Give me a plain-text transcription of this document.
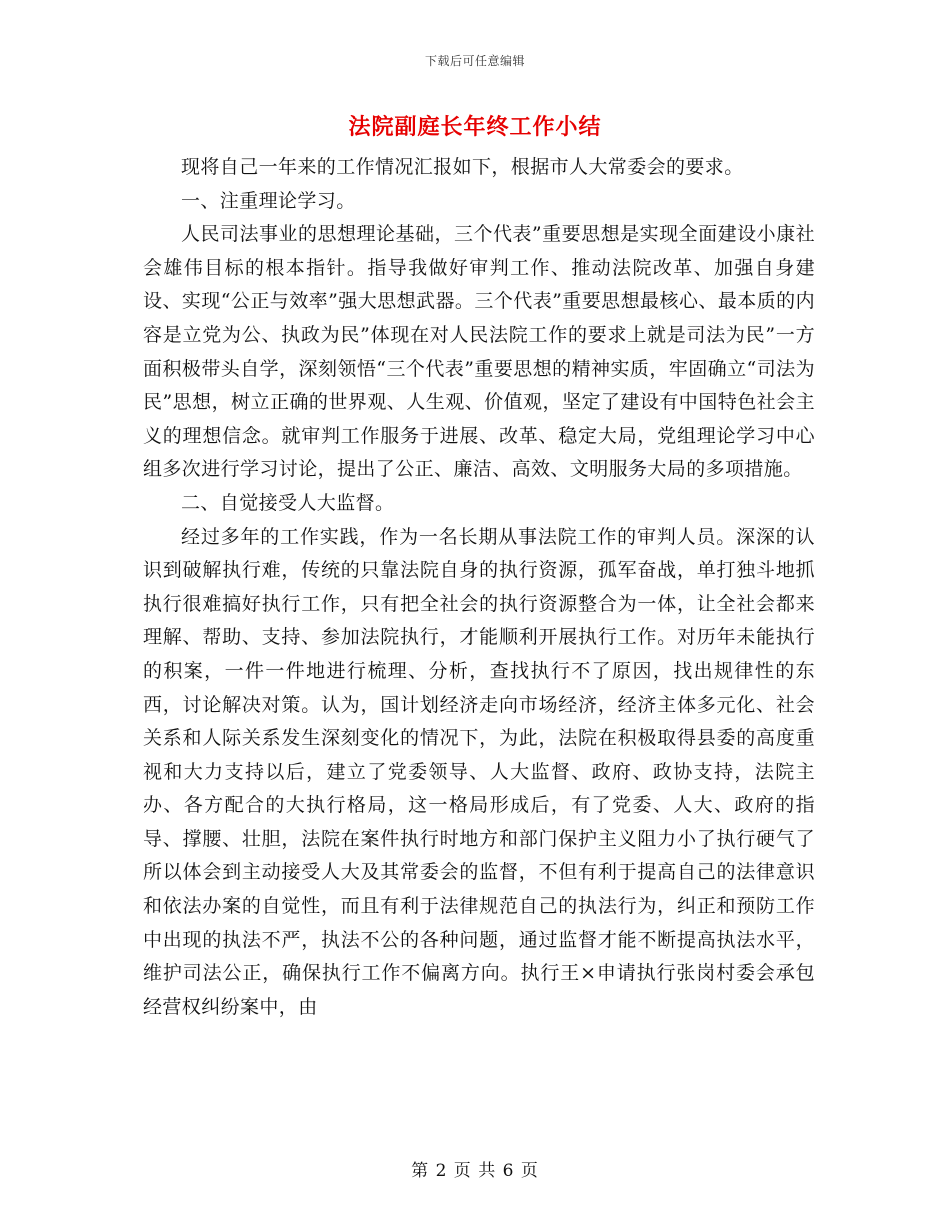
下载后可任意编辑
法院副庭长年终工作小结

现将自己一年来的工作情况汇报如下，根据市人大常委会的要求。

一、注重理论学习。

人民司法事业的思想理论基础，三个代表”重要思想是实现全面建设小康社会雄伟目标的根本指针。指导我做好审判工作、推动法院改革、加强自身建设、实现“公正与效率”强大思想武器。三个代表”重要思想最核心、最本质的内容是立党为公、执政为民”体现在对人民法院工作的要求上就是司法为民”一方面积极带头自学，深刻领悟“三个代表”重要思想的精神实质，牢固确立“司法为民”思想，树立正确的世界观、人生观、价值观，坚定了建设有中国特色社会主义的理想信念。就审判工作服务于进展、改革、稳定大局，党组理论学习中心组多次进行学习讨论，提出了公正、廉洁、高效、文明服务大局的多项措施。

二、自觉接受人大监督。

经过多年的工作实践，作为一名长期从事法院工作的审判人员。深深的认识到破解执行难，传统的只靠法院自身的执行资源，孤军奋战，单打独斗地抓执行很难搞好执行工作，只有把全社会的执行资源整合为一体，让全社会都来理解、帮助、支持、参加法院执行，才能顺利开展执行工作。对历年未能执行的积案，一件一件地进行梳理、分析，查找执行不了原因，找出规律性的东西，讨论解决对策。认为，国计划经济走向市场经济，经济主体多元化、社会关系和人际关系发生深刻变化的情况下，为此，法院在积极取得县委的高度重视和大力支持以后，建立了党委领导、人大监督、政府、政协支持，法院主办、各方配合的大执行格局，这一格局形成后，有了党委、人大、政府的指导、撑腰、壮胆，法院在案件执行时地方和部门保护主义阻力小了执行硬气了所以体会到主动接受人大及其常委会的监督，不但有利于提高自己的法律意识和依法办案的自觉性，而且有利于法律规范自己的执法行为，纠正和预防工作中出现的执法不严，执法不公的各种问题，通过监督才能不断提高执法水平，维护司法公正，确保执行工作不偏离方向。执行王×申请执行张岗村委会承包经营权纠纷案中，由

第 2 页 共 6 页
